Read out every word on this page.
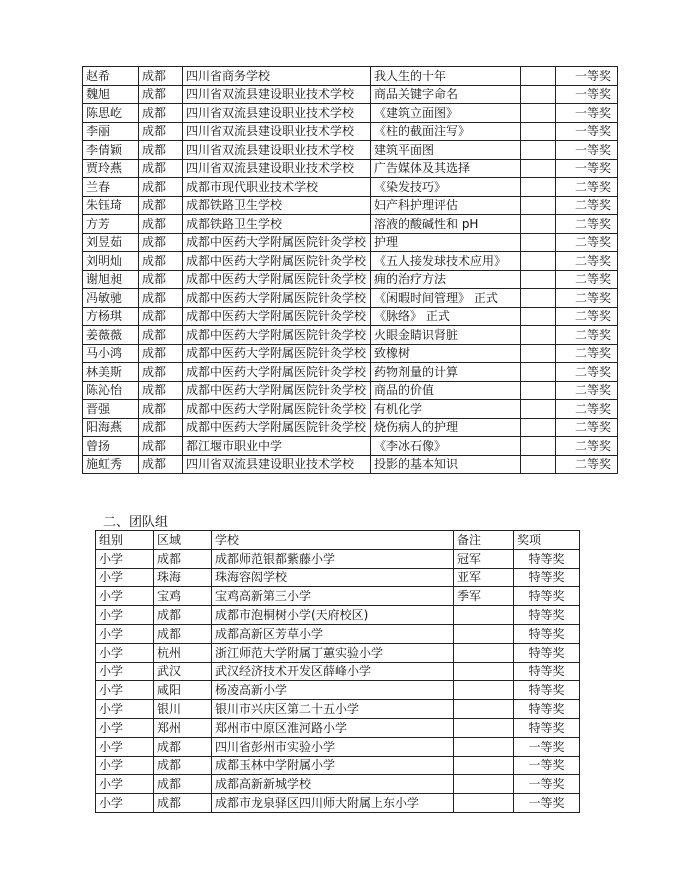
赵希	成都	四川省商务学校	我人生的十年		一等奖
魏旭	成都	四川省双流县建设职业技术学校	商品关键字命名		一等奖
陈思屹	成都	四川省双流县建设职业技术学校	《建筑立面图》		一等奖
李丽	成都	四川省双流县建设职业技术学校	《柱的截面注写》		一等奖
李倩颖	成都	四川省双流县建设职业技术学校	建筑平面图		一等奖
贾玲燕	成都	四川省双流县建设职业技术学校	广告媒体及其选择		一等奖
兰春	成都	成都市现代职业技术学校	《染发技巧》		二等奖
朱钰琦	成都	成都铁路卫生学校	妇产科护理评估		二等奖
方芳	成都	成都铁路卫生学校	溶液的酸碱性和 pH		二等奖
刘昱茹	成都	成都中医药大学附属医院针灸学校	护理		二等奖
刘明灿	成都	成都中医药大学附属医院针灸学校	《五人接发球技术应用》		二等奖
谢旭昶	成都	成都中医药大学附属医院针灸学校	痈的治疗方法		二等奖
冯敏驰	成都	成都中医药大学附属医院针灸学校	《闲暇时间管理》 正式		二等奖
方杨琪	成都	成都中医药大学附属医院针灸学校	《脉络》 正式		二等奖
姜薇薇	成都	成都中医药大学附属医院针灸学校	火眼金睛识肾脏		二等奖
马小鸿	成都	成都中医药大学附属医院针灸学校	致橡树		二等奖
林美斯	成都	成都中医药大学附属医院针灸学校	药物剂量的计算		二等奖
陈沁怡	成都	成都中医药大学附属医院针灸学校	商品的价值		二等奖
晋强	成都	成都中医药大学附属医院针灸学校	有机化学		二等奖
阳海燕	成都	成都中医药大学附属医院针灸学校	烧伤病人的护理		二等奖
曾扬	成都	都江堰市职业中学	《李冰石像》		二等奖
施虹秀	成都	四川省双流县建设职业技术学校	投影的基本知识		二等奖
二、团队组
组别	区域	学校	备注	奖项
小学	成都	成都师范银都紫藤小学	冠军	特等奖
小学	珠海	珠海容闳学校	亚军	特等奖
小学	宝鸡	宝鸡高新第三小学	季军	特等奖
小学	成都	成都市泡桐树小学(天府校区)		特等奖
小学	成都	成都高新区芳草小学		特等奖
小学	杭州	浙江师范大学附属丁蕙实验小学		特等奖
小学	武汉	武汉经济技术开发区薛峰小学		特等奖
小学	咸阳	杨凌高新小学		特等奖
小学	银川	银川市兴庆区第二十五小学		特等奖
小学	郑州	郑州市中原区淮河路小学		特等奖
小学	成都	四川省彭州市实验小学		一等奖
小学	成都	成都玉林中学附属小学		一等奖
小学	成都	成都高新新城学校		一等奖
小学	成都	成都市龙泉驿区四川师大附属上东小学		一等奖
